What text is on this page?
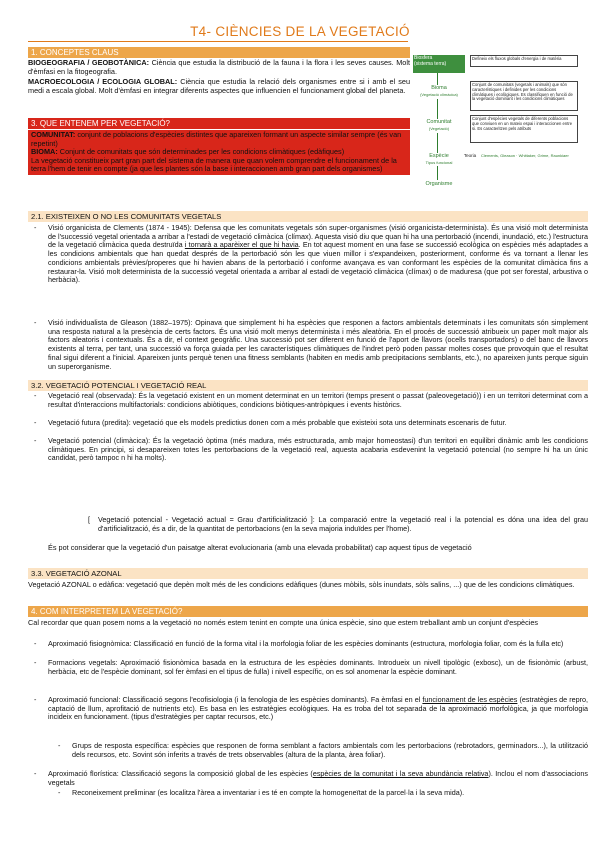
T4- CIÈNCIES DE LA VEGETACIÓ
1. CONCEPTES CLAUS
BIOGEOGRAFIA / GEOBOTÀNICA: Ciència que estudia la distribució de la fauna i la flora i les seves causes. Molt d'èmfasi en la fitogeografia.
MACROECOLOGIA / ECOLOGIA GLOBAL: Ciència que estudia la relació dels organismes entre si i amb el seu medi a escala global. Molt d'èmfasi en integrar diferents aspectes que influencien el funcionament global del planeta.
3. QUE ENTENEM PER VEGETACIÓ?
COMUNITAT: conjunt de poblacions d'espècies distintes que apareixen formant un aspecte similar sempre (és van repetint)
BIOMA: Conjunt de comunitats que són determinades per les condicions climàtiques (edàfiques)
La vegetació constitueix part gran part del sistema de manera que quan volem comprendre el funcionament de la terra l'hem de tenir en compte (ja que les plantes són la base i interaccionen amb gran part dels organismes)
Biosfera
(sistema terra)
Defineix els fluxos globals d'energia i de matèria
Bioma
(Vegetació climàcica)
Conjunt de comunitats (vegetals i animals) que són característiques i definides per les condicions climàtiques i ecològiques. Es classifiquen en funció de la vegetació dominant i les condicions climàtiques
Comunitat
(Vegetació)
Conjunt d'espècies vegetals de diferents poblacions que conviuen en un mateix espai i interaccionen entre si. Es caracteritzen pels atributs
Espècie
Tipus funcional
Teoria	Clements, Gleason · Whittaker, Grime, Raunkiaer
Organisme
2.1. EXISTEIXEN O NO LES COMUNITATS VEGETALS
- Visió organicista de Clements (1874 - 1945): Defensa que les comunitats vegetals són super-organismes (visió organicista-determinista). És una visió molt determinista de l'successió vegetal orientada a arribar a l'estadi de vegetació climàcica (clímax). Aquesta visió diu que quan hi ha una pertorbació (incendi, inundació, etc.) l'estructura de la vegetació climàcica queda destruïda i tornarà a aparèixer el que hi havia. En tot aquest moment en una fase se successió ecològica on espècies més adaptades a les condicions ambientals que han quedat després de la pertorbació són les que viuen millor i s'expandeixen, posteriorment, conforme és va tornant a llenar les condicions ambientals prèvies/properes que hi havien abans de la pertorbació i conforme avançava es van conformant les espècies de la comunitat climàcica fins a restaurar-la. Visió molt determinista de la successió vegetal orientada a arribar al estadi de vegetació climàcica (clímax) o de maduresa (que pot ser forestal, arbustiva o herbàcia).
- Visió individualista de Gleason (1882–1975): Opinava que simplement hi ha espècies que responen a factors ambientals determinats i les comunitats són simplement una resposta natural a la presència de certs factors. És una visió molt menys determinista i més aleatòria. En el procés de successió atribueix un paper molt major als factors aleatoris i contextuals. És a dir, el context geogràfic. Una successió pot ser diferent en funció de l'aport de llavors (ocells transportadors) o del banc de llavors existents al terra, per tant, una successió va força guiada per les característiques climàtiques de l'indret però poden passar moltes coses que provoquin que el resultat final sigui diferent a l'inicial. Apareixen junts perquè tenen una fitness semblants (habiten en medis amb precipitacions semblants, etc.), no apareixen junts perque siguin un superorganisme.
3.2. VEGETACIÓ POTENCIAL I VEGETACIÓ REAL
- Vegetació real (observada): És la vegetació existent en un moment determinat en un territori (temps present o passat (paleovegetació)) i en un territori determinat com a resultat d'interaccions multifactorials: condicions abiòtiques, condicions biòtiques-antròpiques i events històrics.
- Vegetació futura (predita): vegetació que els models predictius donen com a més probable que existeixi sota uns determinats escenaris de futur.
- Vegetació potencial (climàcica): És la vegetació òptima (més madura, més estructurada, amb major homeostasi) d'un territori en equilibri dinàmic amb les condicions climàtiques. En principi, si desapareixen totes les pertorbacions de la vegetació real, aquesta acabaria esdevenint la vegetació potencial (no sempre hi ha un únic candidat, però tampoc n hi ha molts).
[ Vegetació potencial - Vegetació actual = Grau d'artificialització ]: La comparació entre la vegetació real i la potencial es dóna una idea del grau d'artificialització, és a dir, de la quantitat de pertorbacions (en la seva majoria induïdes per l'home).
És pot considerar que la vegetació d'un paisatge alterat evolucionaria (amb una elevada probabilitat) cap aquest tipus de vegetació
3.3. VEGETACIÓ AZONAL
Vegetació AZONAL o edàfica: vegetació que depèn molt més de les condicions edàfiques (dunes mòbils, sòls inundats, sòls salins, ...) que de les condicions climàtiques.
4. COM INTERPRETEM LA VEGETACIÓ?
Cal recordar que quan posem noms a la vegetació no només estem tenint en compte una única espècie, sino que estem treballant amb un conjunt d'espècies
- Aproximació fisiognòmica: Classificació en funció de la forma vital i la morfologia foliar de les espècies dominants (estructura, morfologia foliar, com és la fulla etc)
- Formacions vegetals: Aproximació fisionòmica basada en la estructura de les espècies dominants. Introdueix un nivell tipològic (exbosc), un de fisionòmic (arbust, herbàcia, etc de l'espècie dominant, sol fer èmfasi en el tipus de fulla) i nivell específic, on es sol anomenar la espècie dominant.
- Aproximació funcional: Classificació segons l'ecofisiologia (i la fenologia de les espècies dominants). Fa èmfasi en el funcionament de les espècies (estratègies de repro, captació de llum, aprofitació de nutrients etc). Es basa en les estratègies ecològiques. Ha es troba del tot separada de la aproximació morfològica, ja que morfologia incideix en funcionament. (tipus d'estratègies per captar recursos, etc.)
- Grups de resposta específica: espècies que responen de forma semblant a factors ambientals com les pertorbacions (rebrotadors, germinadors...), la utilització dels recursos, etc. Sovint són inferits a través de trets observables (altura de la planta, àrea foliar).
- Aproximació florística: Classificació segons la composició global de les espècies (espècies de la comunitat i la seva abundància relativa). Inclou el nom d'associacions vegetals
- Reconeixement preliminar (es localitza l'àrea a inventariar i es té en compte la homogeneïtat de la parcel·la i la seva mida).
